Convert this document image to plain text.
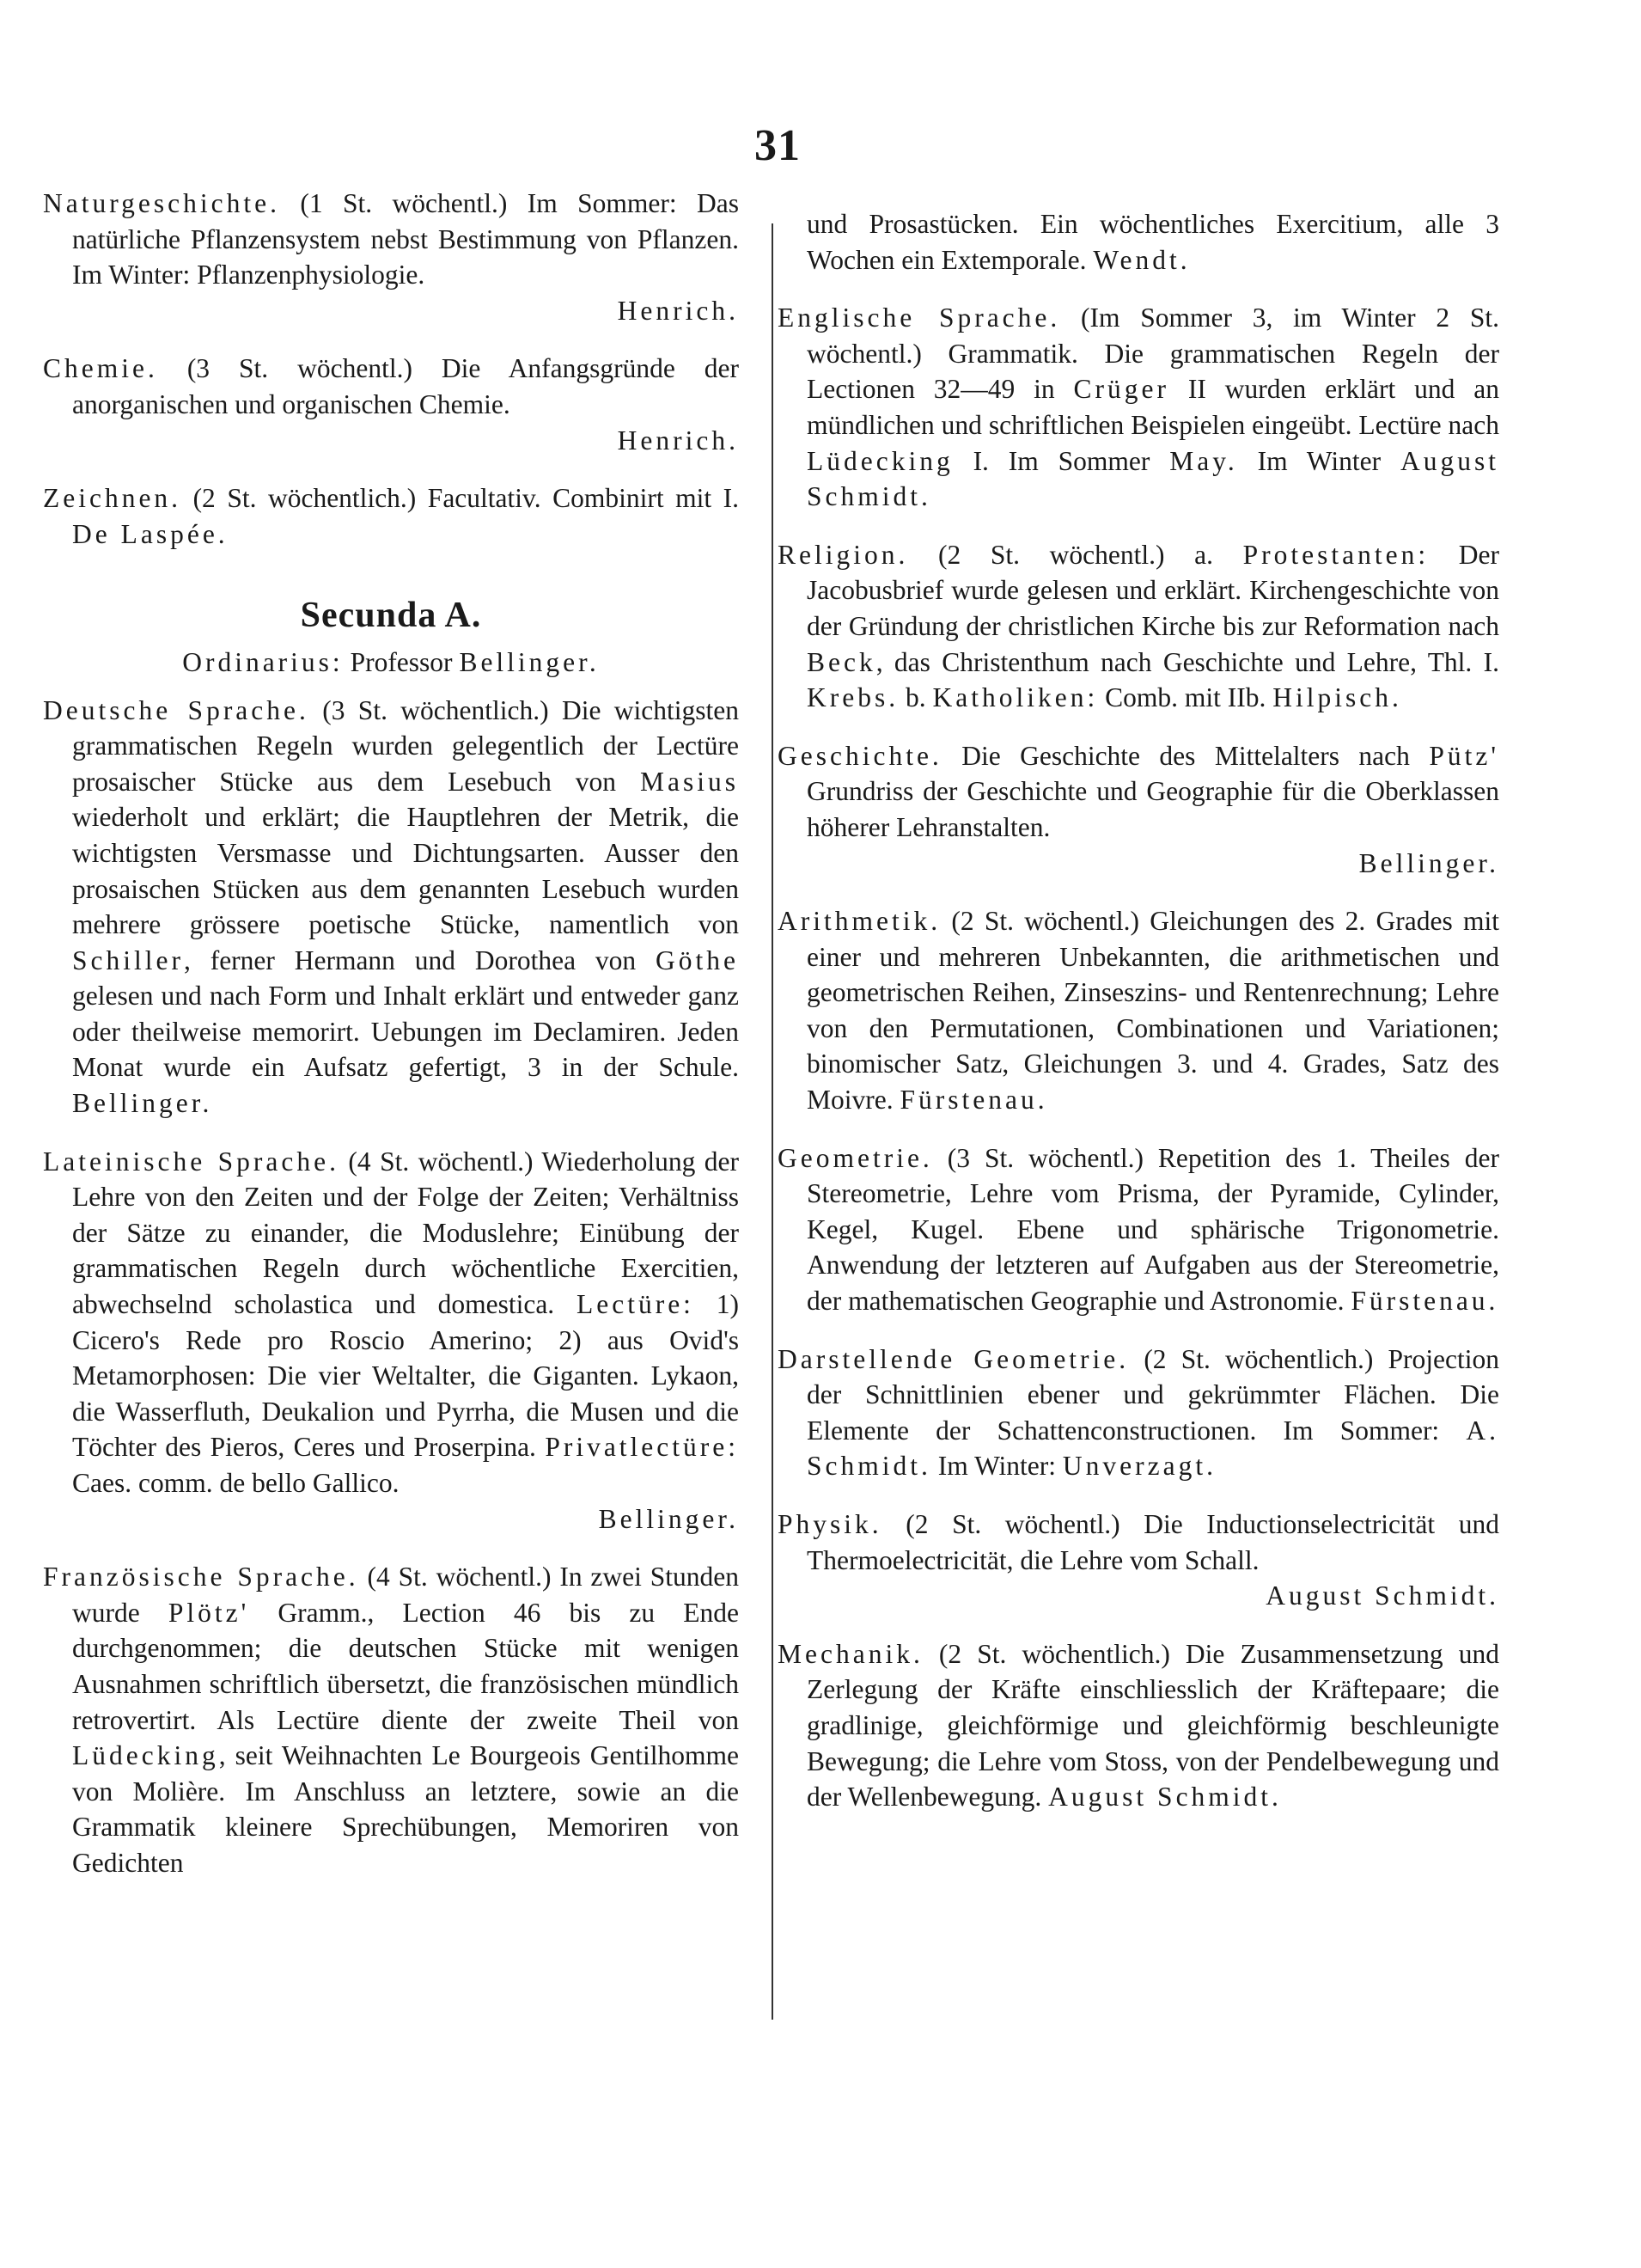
31

Naturgeschichte. (1 St. wöchentl.) Im Sommer: Das natürliche Pflanzensystem nebst Bestimmung von Pflanzen. Im Winter: Pflanzenphysiologie.

Henrich.

Chemie. (3 St. wöchentl.) Die Anfangsgründe der anorganischen und organischen Chemie.

Henrich.

Zeichnen. (2 St. wöchentlich.) Facultativ. Combinirt mit I. De Laspée.

Secunda A.
Ordinarius: Professor Bellinger.

Deutsche Sprache. (3 St. wöchentlich.) Die wichtigsten grammatischen Regeln wurden gelegentlich der Lectüre prosaischer Stücke aus dem Lesebuch von Masius wiederholt und erklärt; die Hauptlehren der Metrik, die wichtigsten Versmasse und Dichtungsarten. Ausser den prosaischen Stücken aus dem genannten Lesebuch wurden mehrere grössere poetische Stücke, namentlich von Schiller, ferner Hermann und Dorothea von Göthe gelesen und nach Form und Inhalt erklärt und entweder ganz oder theilweise memorirt. Uebungen im Declamiren. Jeden Monat wurde ein Aufsatz gefertigt, 3 in der Schule. Bellinger.

Lateinische Sprache. (4 St. wöchentl.) Wiederholung der Lehre von den Zeiten und der Folge der Zeiten; Verhältniss der Sätze zu einander, die Moduslehre; Einübung der grammatischen Regeln durch wöchentliche Exercitien, abwechselnd scholastica und domestica. Lectüre: 1) Cicero's Rede pro Roscio Amerino; 2) aus Ovid's Metamorphosen: Die vier Weltalter, die Giganten. Lykaon, die Wasserfluth, Deukalion und Pyrrha, die Musen und die Töchter des Pieros, Ceres und Proserpina. Privatlectüre: Caes. comm. de bello Gallico.

Bellinger.

Französische Sprache. (4 St. wöchentl.) In zwei Stunden wurde Plötz' Gramm., Lection 46 bis zu Ende durchgenommen; die deutschen Stücke mit wenigen Ausnahmen schriftlich übersetzt, die französischen mündlich retrovertirt. Als Lectüre diente der zweite Theil von Lüdecking, seit Weihnachten Le Bourgeois Gentilhomme von Molière. Im Anschluss an letztere, sowie an die Grammatik kleinere Sprechübungen, Memoriren von Gedichten

und Prosastücken. Ein wöchentliches Exercitium, alle 3 Wochen ein Extemporale. Wendt.

Englische Sprache. (Im Sommer 3, im Winter 2 St. wöchentl.) Grammatik. Die grammatischen Regeln der Lectionen 32—49 in Crüger II wurden erklärt und an mündlichen und schriftlichen Beispielen eingeübt. Lectüre nach Lüdecking I. Im Sommer May. Im Winter August Schmidt.

Religion. (2 St. wöchentl.) a. Protestanten: Der Jacobusbrief wurde gelesen und erklärt. Kirchengeschichte von der Gründung der christlichen Kirche bis zur Reformation nach Beck, das Christenthum nach Geschichte und Lehre, Thl. I. Krebs. b. Katholiken: Comb. mit IIb. Hilpisch.

Geschichte. Die Geschichte des Mittelalters nach Pütz' Grundriss der Geschichte und Geographie für die Oberklassen höherer Lehranstalten.

Bellinger.

Arithmetik. (2 St. wöchentl.) Gleichungen des 2. Grades mit einer und mehreren Unbekannten, die arithmetischen und geometrischen Reihen, Zinseszins- und Rentenrechnung; Lehre von den Permutationen, Combinationen und Variationen; binomischer Satz, Gleichungen 3. und 4. Grades, Satz des Moivre. Fürstenau.

Geometrie. (3 St. wöchentl.) Repetition des 1. Theiles der Stereometrie, Lehre vom Prisma, der Pyramide, Cylinder, Kegel, Kugel. Ebene und sphärische Trigonometrie. Anwendung der letzteren auf Aufgaben aus der Stereometrie, der mathematischen Geographie und Astronomie. Fürstenau.

Darstellende Geometrie. (2 St. wöchentlich.) Projection der Schnittlinien ebener und gekrümmter Flächen. Die Elemente der Schattenconstructionen. Im Sommer: A. Schmidt. Im Winter: Unverzagt.

Physik. (2 St. wöchentl.) Die Inductionselectricität und Thermoelectricität, die Lehre vom Schall.

August Schmidt.

Mechanik. (2 St. wöchentlich.) Die Zusammensetzung und Zerlegung der Kräfte einschliesslich der Kräftepaare; die gradlinige, gleichförmige und gleichförmig beschleunigte Bewegung; die Lehre vom Stoss, von der Pendelbewegung und der Wellenbewegung. August Schmidt.
